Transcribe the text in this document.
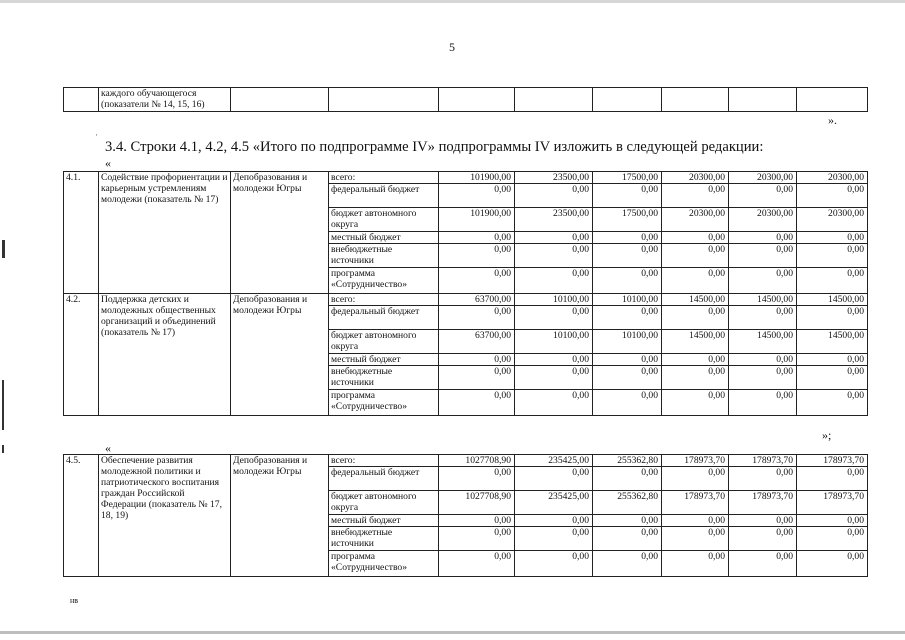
5

каждого обучающегося
(показатели № 14, 15, 16)

».
·
3.4. Строки 4.1, 4.2, 4.5 «Итого по подпрограмме IV» подпрограммы IV изложить в следующей редакции:
«
4.1.	Содействие профориентации и карьерным устремлениям молодежи (показатель № 17)	Депобразования и молодежи Югры	всего:	101900,00	23500,00	17500,00	20300,00	20300,00	20300,00
			федеральный бюджет	0,00	0,00	0,00	0,00	0,00	0,00
			бюджет автономного округа	101900,00	23500,00	17500,00	20300,00	20300,00	20300,00
			местный бюджет	0,00	0,00	0,00	0,00	0,00	0,00
			внебюджетные источники	0,00	0,00	0,00	0,00	0,00	0,00
			программа «Сотрудничество»	0,00	0,00	0,00	0,00	0,00	0,00
4.2.	Поддержка детских и молодежных общественных организаций и объединений (показатель № 17)	Депобразования и молодежи Югры	всего:	63700,00	10100,00	10100,00	14500,00	14500,00	14500,00
			федеральный бюджет	0,00	0,00	0,00	0,00	0,00	0,00
			бюджет автономного округа	63700,00	10100,00	10100,00	14500,00	14500,00	14500,00
			местный бюджет	0,00	0,00	0,00	0,00	0,00	0,00
			внебюджетные источники	0,00	0,00	0,00	0,00	0,00	0,00
			программа «Сотрудничество»	0,00	0,00	0,00	0,00	0,00	0,00
«
»;
4.5.	Обеспечение развития молодежной политики и патриотического воспитания граждан Российской Федерации (показатель № 17, 18, 19)	Депобразования и молодежи Югры	всего:	1027708,90	235425,00	255362,80	178973,70	178973,70	178973,70
			федеральный бюджет	0,00	0,00	0,00	0,00	0,00	0,00
			бюджет автономного округа	1027708,90	235425,00	255362,80	178973,70	178973,70	178973,70
			местный бюджет	0,00	0,00	0,00	0,00	0,00	0,00
			внебюджетные источники	0,00	0,00	0,00	0,00	0,00	0,00
			программа «Сотрудничество»	0,00	0,00	0,00	0,00	0,00	0,00
нв
